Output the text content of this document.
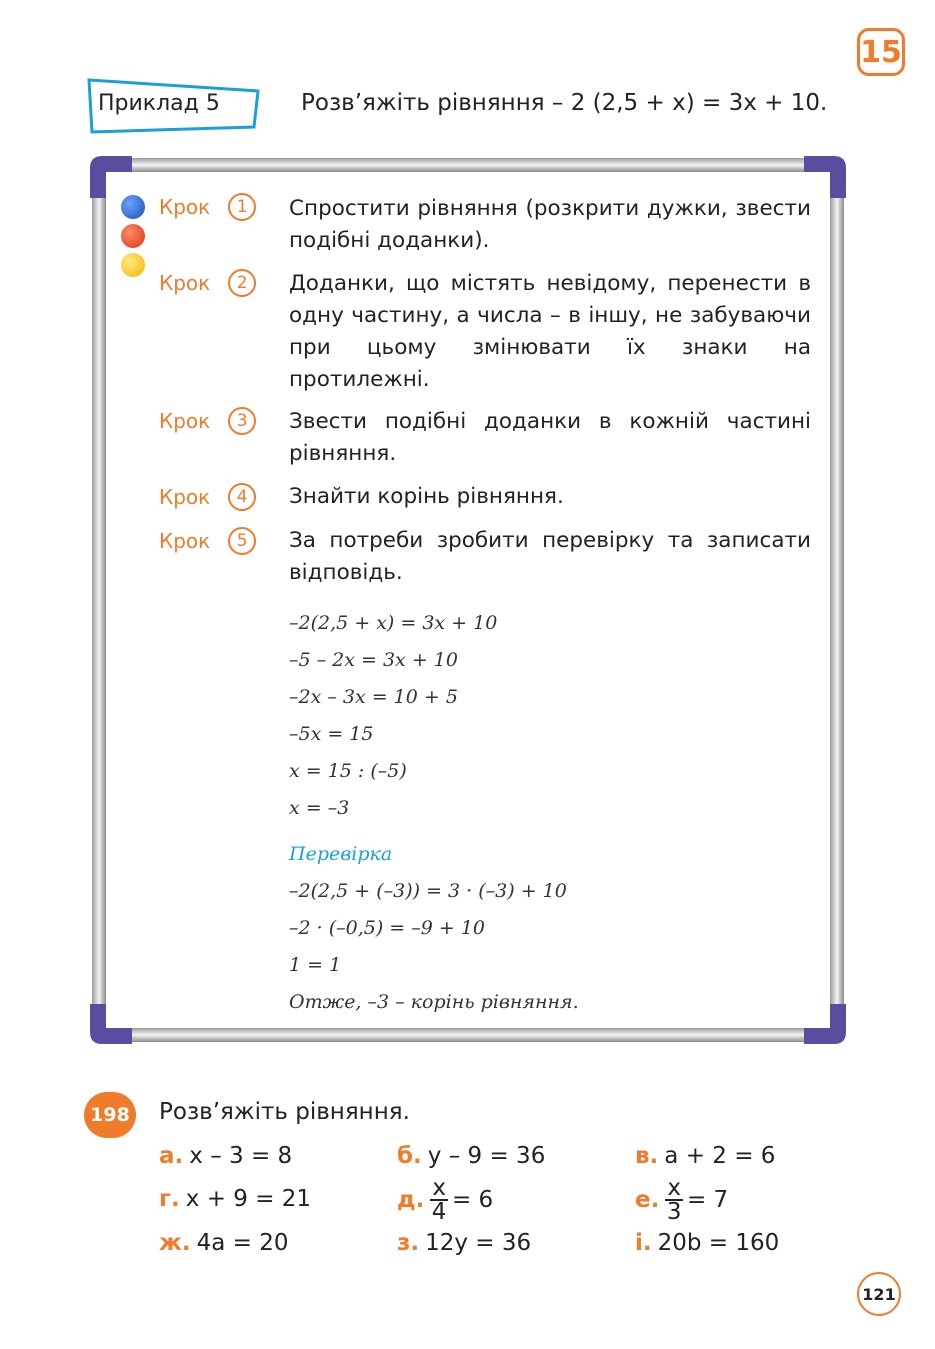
15
Приклад 5	Розв’яжіть рівняння – 2 (2,5 + x) = 3x + 10.
Крок	1	Спростити рівняння (розкрити дужки, звести подібні доданки).
Крок	2	Доданки, що містять невідому, перенести в одну частину, а числа – в іншу, не забуваючи при цьому змінювати їх знаки на протилежні.
Крок	3	Звести подібні доданки в кожній частині рівняння.
Крок	4	Знайти корінь рівняння.
Крок	5	За потреби зробити перевірку та записати відповідь.
–2(2,5 + x) = 3x + 10
–5 – 2x = 3x + 10
–2x – 3x = 10 + 5
–5x = 15
x = 15 : (–5)
x = –3
Перевірка
–2(2,5 + (–3)) = 3 · (–3) + 10
–2 · (–0,5) = –9 + 10
1 = 1
Отже, –3 – корінь рівняння.
198 Розв’яжіть рівняння.
а. x – 3 = 8	б. y – 9 = 36	в. a + 2 = 6
г. x + 9 = 21	д. $\frac{x}{4} = 6$	е. $\frac{x}{3} = 7$
ж. 4a = 20	з. 12y = 36	і. 20b = 160
121
